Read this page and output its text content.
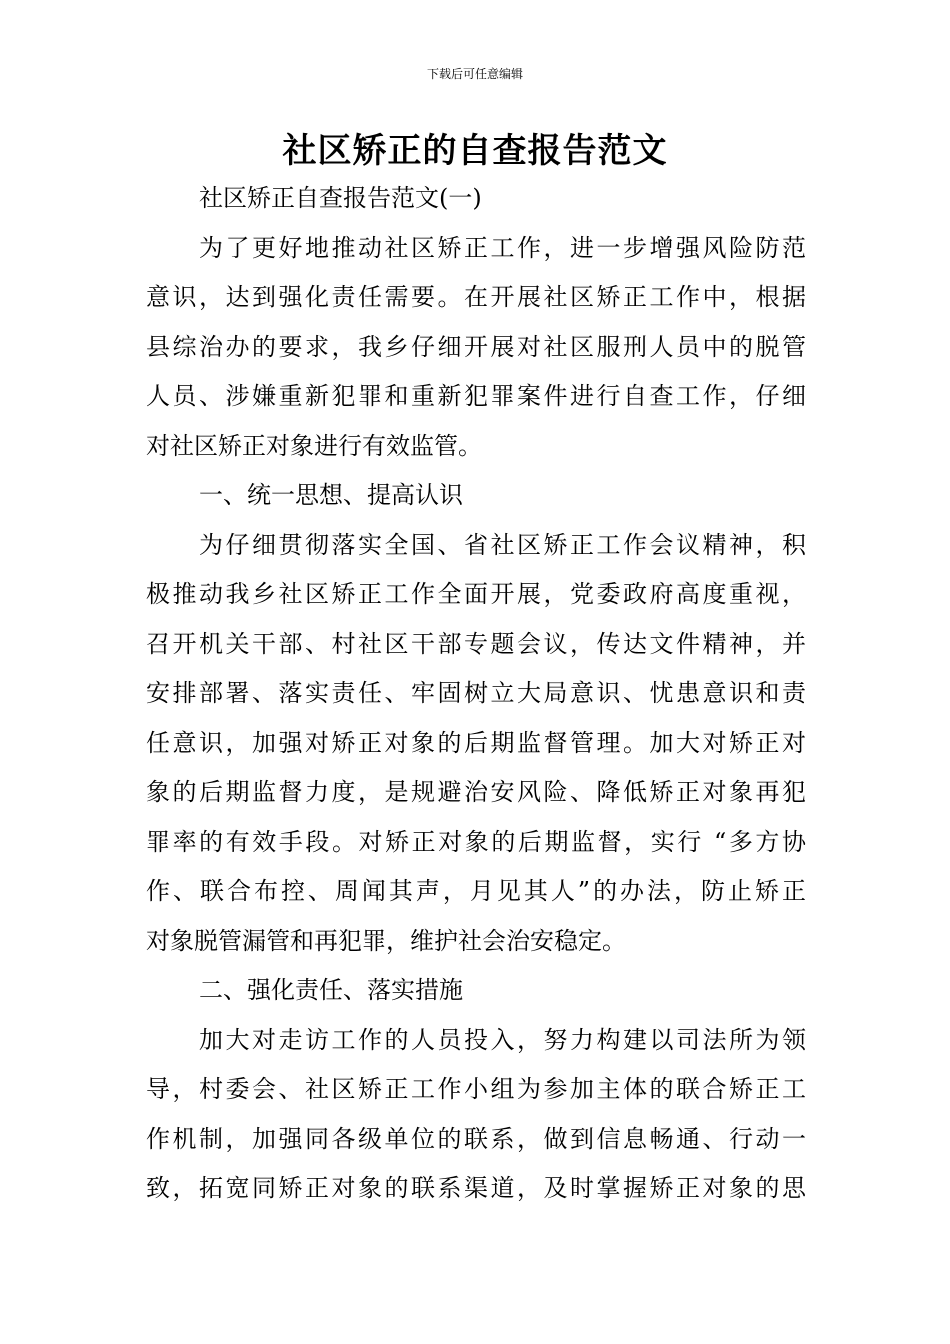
下载后可任意编辑
社区矫正的自查报告范文
社区矫正自查报告范文(一)
为了更好地推动社区矫正工作，进一步增强风险防范
意识，达到强化责任需要。在开展社区矫正工作中，根据
县综治办的要求，我乡仔细开展对社区服刑人员中的脱管
人员、涉嫌重新犯罪和重新犯罪案件进行自查工作，仔细
对社区矫正对象进行有效监管。
一、统一思想、提高认识
为仔细贯彻落实全国、省社区矫正工作会议精神，积
极推动我乡社区矫正工作全面开展，党委政府高度重视，
召开机关干部、村社区干部专题会议，传达文件精神，并
安排部署、落实责任、牢固树立大局意识、忧患意识和责
任意识，加强对矫正对象的后期监督管理。加大对矫正对
象的后期监督力度，是规避治安风险、降低矫正对象再犯
罪率的有效手段。对矫正对象的后期监督，实行 “多方协
作、联合布控、周闻其声，月见其人”的办法，防止矫正
对象脱管漏管和再犯罪，维护社会治安稳定。
二、强化责任、落实措施
加大对走访工作的人员投入，努力构建以司法所为领
导，村委会、社区矫正工作小组为参加主体的联合矫正工
作机制，加强同各级单位的联系，做到信息畅通、行动一
致，拓宽同矫正对象的联系渠道，及时掌握矫正对象的思
